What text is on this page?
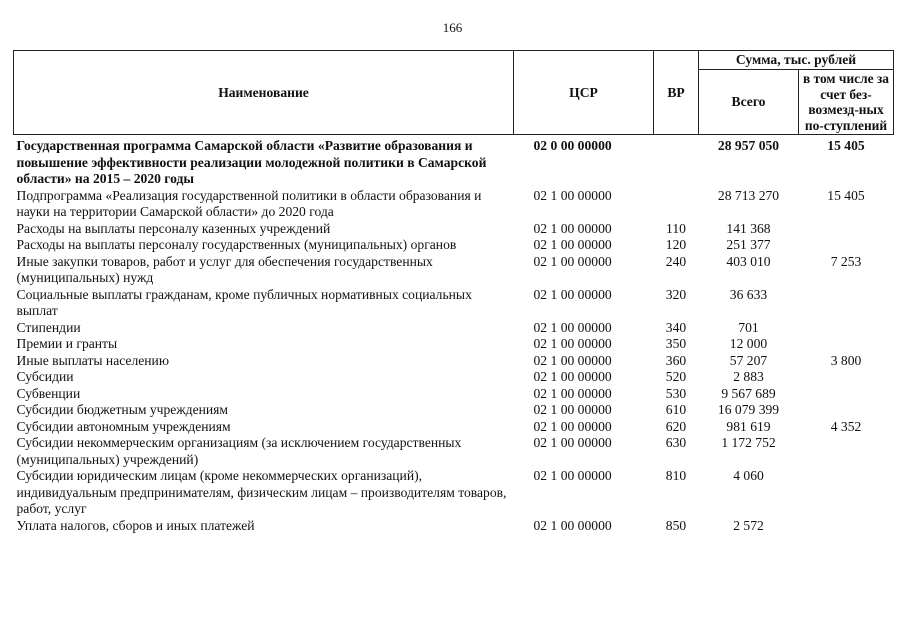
166
Наименование	ЦСР	ВР	Сумма, тыс. рублей	
			Всего	в том числе за счет без-возмезд-ных по-ступлений
Государственная программа Самарской области «Развитие образования и повышение эффективности реализации молодежной политики в Самарской области» на 2015 – 2020 годы	02 0 00 00000		28 957 050	15 405
Подпрограмма «Реализация государственной политики в области образования и науки на территории Самарской области» до 2020 года	02 1 00 00000		28 713 270	15 405
Расходы на выплаты персоналу казенных учреждений	02 1 00 00000	110	141 368	
Расходы на выплаты персоналу государственных (муниципальных) органов	02 1 00 00000	120	251 377	
Иные закупки товаров, работ и услуг для обеспечения государственных (муниципальных) нужд	02 1 00 00000	240	403 010	7 253
Социальные выплаты гражданам, кроме публичных нормативных социальных выплат	02 1 00 00000	320	36 633	
Стипендии	02 1 00 00000	340	701	
Премии и гранты	02 1 00 00000	350	12 000	
Иные выплаты населению	02 1 00 00000	360	57 207	3 800
Субсидии	02 1 00 00000	520	2 883	
Субвенции	02 1 00 00000	530	9 567 689	
Субсидии бюджетным учреждениям	02 1 00 00000	610	16 079 399	
Субсидии автономным учреждениям	02 1 00 00000	620	981 619	4 352
Субсидии некоммерческим организациям (за исключением государственных (муниципальных) учреждений)	02 1 00 00000	630	1 172 752	
Субсидии юридическим лицам (кроме некоммерческих организаций), индивидуальным предпринимателям, физическим лицам – производителям товаров, работ, услуг	02 1 00 00000	810	4 060	
Уплата налогов, сборов и иных платежей	02 1 00 00000	850	2 572	
